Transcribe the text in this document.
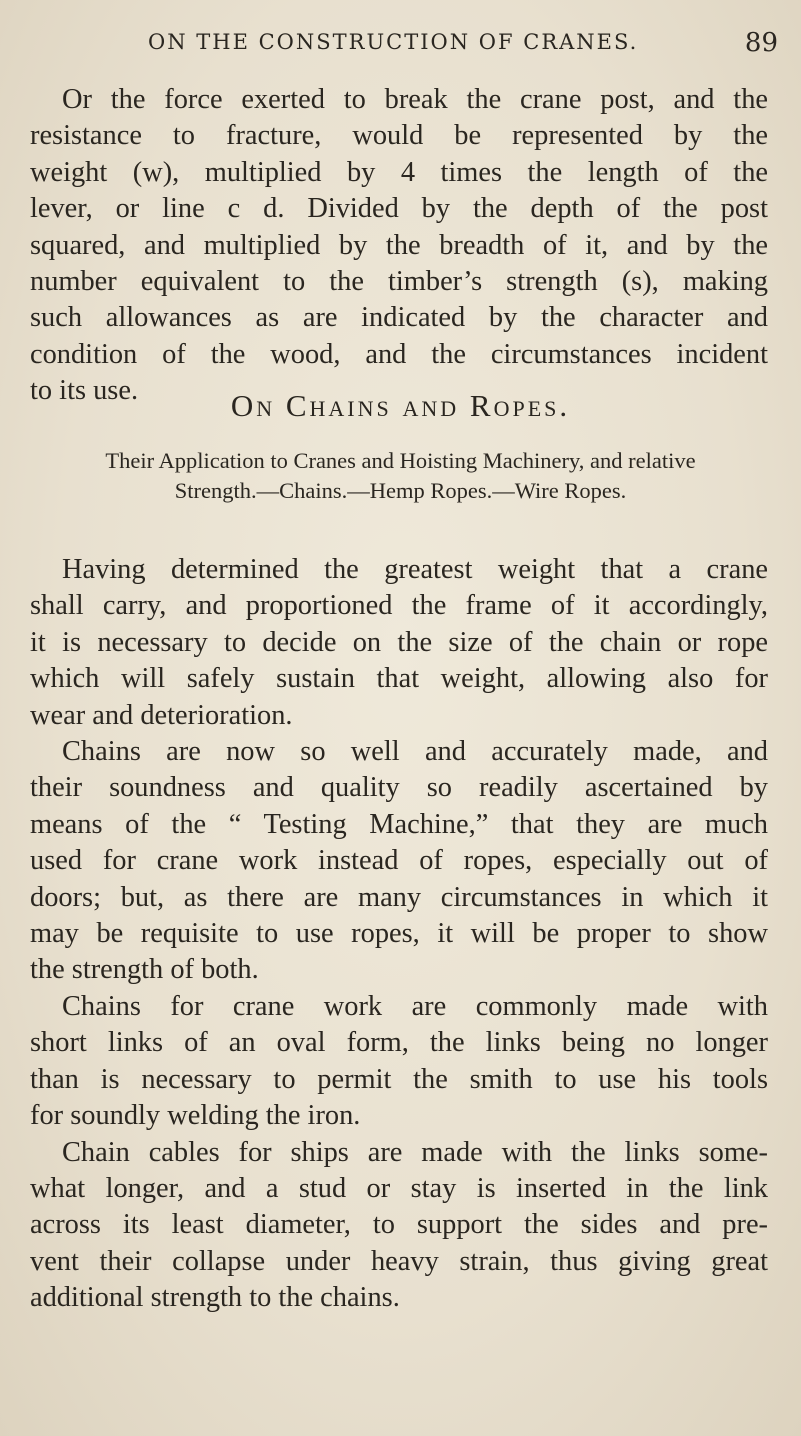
ON THE CONSTRUCTION OF CRANES.	89
Or the force exerted to break the crane post, and the
resistance to fracture, would be represented by the
weight (w), multiplied by 4 times the length of the
lever, or line c d. Divided by the depth of the post
squared, and multiplied by the breadth of it, and by the
number equivalent to the timber’s strength (s), making
such allowances as are indicated by the character and
condition of the wood, and the circumstances incident
to its use.	On Chains and Ropes.
Their Application to Cranes and Hoisting Machinery, and relative
Strength.—Chains.—Hemp Ropes.—Wire Ropes.
Having determined the greatest weight that a crane
shall carry, and proportioned the frame of it accordingly,
it is necessary to decide on the size of the chain or rope
which will safely sustain that weight, allowing also for
wear and deterioration.
Chains are now so well and accurately made, and
their soundness and quality so readily ascertained by
means of the “ Testing Machine,” that they are much
used for crane work instead of ropes, especially out of
doors; but, as there are many circumstances in which it
may be requisite to use ropes, it will be proper to show
the strength of both.
Chains for crane work are commonly made with
short links of an oval form, the links being no longer
than is necessary to permit the smith to use his tools
for soundly welding the iron.
Chain cables for ships are made with the links some-
what longer, and a stud or stay is inserted in the link
across its least diameter, to support the sides and pre-
vent their collapse under heavy strain, thus giving great
additional strength to the chains.
